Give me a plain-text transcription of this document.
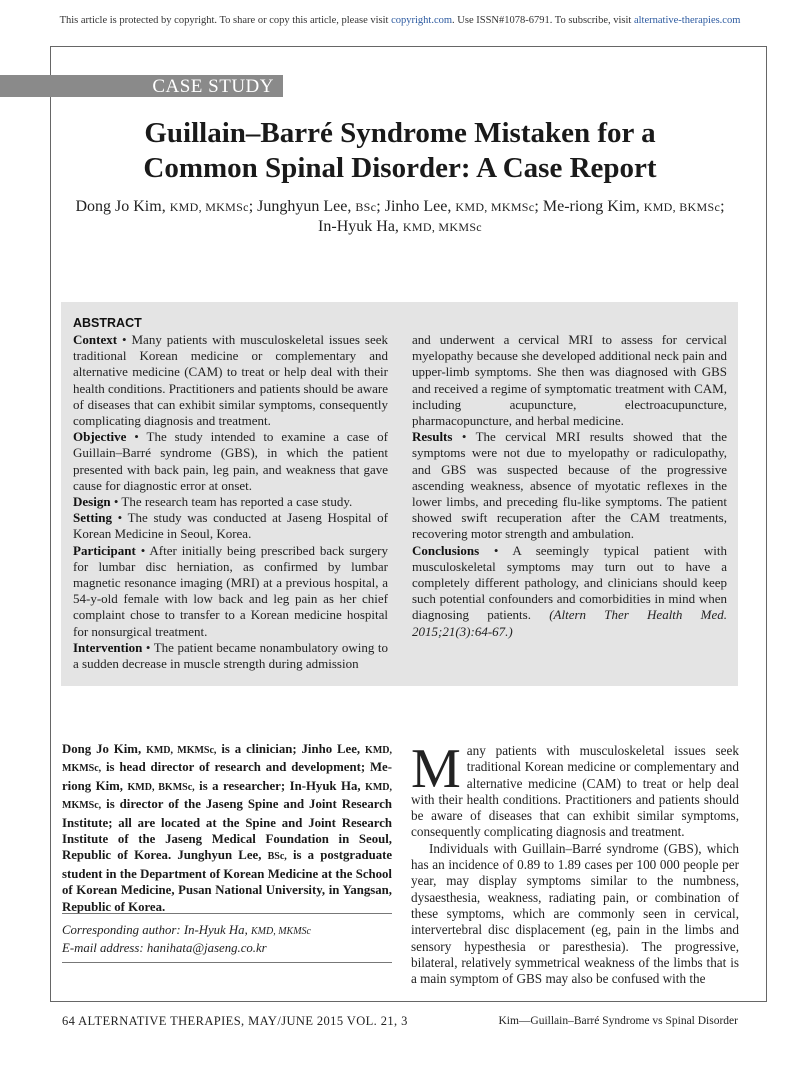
This article is protected by copyright. To share or copy this article, please visit copyright.com. Use ISSN#1078-6791. To subscribe, visit alternative-therapies.com
CASE STUDY
Guillain–Barré Syndrome Mistaken for a
Common Spinal Disorder: A Case Report
Dong Jo Kim, KMD, MKMSc; Junghyun Lee, BSc; Jinho Lee, KMD, MKMSc; Me-riong Kim, KMD, BKMSc;
In-Hyuk Ha, KMD, MKMSc
ABSTRACT

Context • Many patients with musculoskeletal issues seek traditional Korean medicine or complementary and alternative medicine (CAM) to treat or help deal with their health conditions. Practitioners and patients should be aware of diseases that can exhibit similar symptoms, consequently complicating diagnosis and treatment.

Objective • The study intended to examine a case of Guillain–Barré syndrome (GBS), in which the patient presented with back pain, leg pain, and weakness that gave cause for diagnostic error at onset.

Design • The research team has reported a case study.

Setting • The study was conducted at Jaseng Hospital of Korean Medicine in Seoul, Korea.

Participant • After initially being prescribed back surgery for lumbar disc herniation, as confirmed by lumbar magnetic resonance imaging (MRI) at a previous hospital, a 54-y-old female with low back and leg pain as her chief complaint chose to transfer to a Korean medicine hospital for nonsurgical treatment.

Intervention • The patient became nonambulatory owing to a sudden decrease in muscle strength during admission

and underwent a cervical MRI to assess for cervical myelopathy because she developed additional neck pain and upper-limb symptoms. She then was diagnosed with GBS and received a regime of symptomatic treatment with CAM, including acupuncture, electroacupuncture, pharmacopuncture, and herbal medicine.

Results • The cervical MRI results showed that the symptoms were not due to myelopathy or radiculopathy, and GBS was suspected because of the progressive ascending weakness, absence of myotatic reflexes in the lower limbs, and preceding flu-like symptoms. The patient showed swift recuperation after the CAM treatments, recovering motor strength and ambulation.

Conclusions • A seemingly typical patient with musculoskeletal symptoms may turn out to have a completely different pathology, and clinicians should keep such potential confounders and comorbidities in mind when diagnosing patients. (Altern Ther Health Med. 2015;21(3):64-67.)

Dong Jo Kim, KMD, MKMSc, is a clinician; Jinho Lee, KMD, MKMSc, is head director of research and development; Me-riong Kim, KMD, BKMSc, is a researcher; In-Hyuk Ha, KMD, MKMSc, is director of the Jaseng Spine and Joint Research Institute; all are located at the Spine and Joint Research Institute of the Jaseng Medical Foundation in Seoul, Republic of Korea. Junghyun Lee, BSc, is a postgraduate student in the Department of Korean Medicine at the School of Korean Medicine, Pusan National University, in Yangsan, Republic of Korea.
Corresponding author: In-Hyuk Ha, KMD, MKMSc
E-mail address: hanihata@jaseng.co.kr

Many patients with musculoskeletal issues seek traditional Korean medicine or complementary and alternative medicine (CAM) to treat or help deal with their health conditions. Practitioners and patients should be aware of diseases that can exhibit similar symptoms, consequently complicating diagnosis and treatment.

Individuals with Guillain–Barré syndrome (GBS), which has an incidence of 0.89 to 1.89 cases per 100 000 people per year, may display symptoms similar to the numbness, dysaesthesia, weakness, radiating pain, or combination of these symptoms, which are commonly seen in cervical, intervertebral disc displacement (eg, pain in the limbs and sensory hypesthesia or paresthesia). The progressive, bilateral, relatively symmetrical weakness of the limbs that is a main symptom of GBS may also be confused with the

64 ALTERNATIVE THERAPIES, MAY/JUNE 2015 VOL. 21, 3	Kim—Guillain–Barré Syndrome vs Spinal Disorder
